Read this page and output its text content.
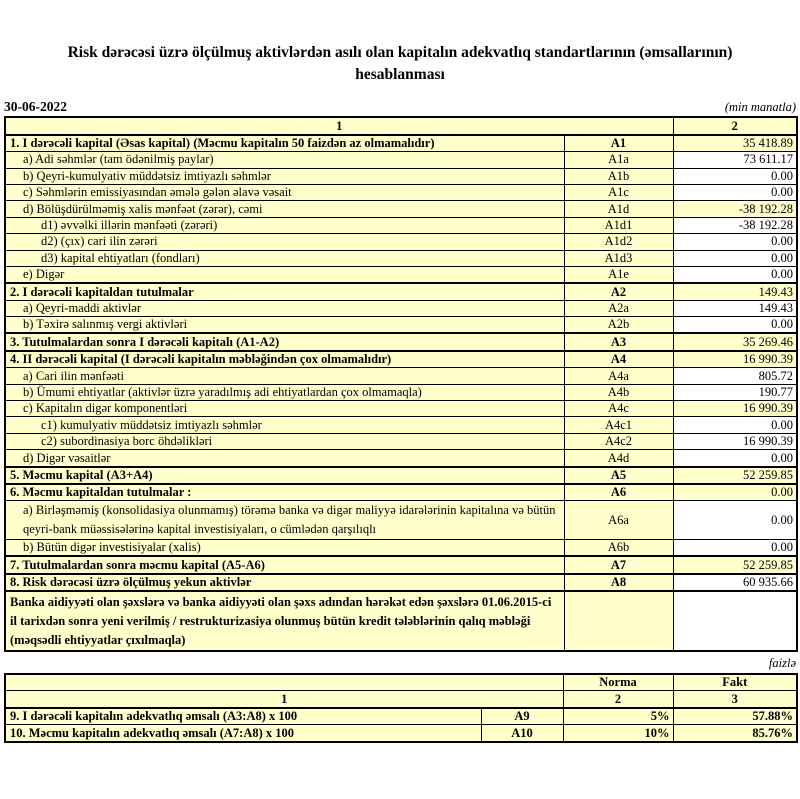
Risk dərəcəsi üzrə ölçülmuş aktivlərdən asılı olan kapitalın adekvatlıq standartlarının (əmsallarının) hesablanması
30-06-2022	(min manatla)
1		2
1. I dərəcəli kapital (Əsas kapital) (Məcmu kapitalın 50 faizdən az olmamalıdır)	A1	35 418.89
a) Adi səhmlər (tam ödənilmiş paylar)	A1a	73 611.17
b) Qeyri-kumulyativ müddətsiz imtiyazlı səhmlər	A1b	0.00
c) Səhmlərin emissiyasından əmələ gələn əlavə vəsait	A1c	0.00
d) Bölüşdürülməmiş xalis mənfəət (zərər), cəmi	A1d	-38 192.28
d1) əvvəlki illərin mənfəəti (zərəri)	A1d1	-38 192.28
d2) (çıx) cari ilin zərəri	A1d2	0.00
d3) kapital ehtiyatları (fondları)	A1d3	0.00
e) Digər	A1e	0.00
2. I dərəcəli kapitaldan tutulmalar	A2	149.43
a) Qeyri-maddi aktivlər	A2a	149.43
b) Təxirə salınmış vergi aktivləri	A2b	0.00
3. Tutulmalardan sonra I dərəcəli kapitalı (A1-A2)	A3	35 269.46
4. II dərəcəli kapital (I dərəcəli kapitalın məbləğindən çox olmamalıdır)	A4	16 990.39
a) Cari ilin mənfəəti	A4a	805.72
b) Ümumi ehtiyatlar (aktivlər üzrə yaradılmış adi ehtiyatlardan çox olmamaqla)	A4b	190.77
c) Kapitalın digər komponentləri	A4c	16 990.39
c1) kumulyativ müddətsiz imtiyazlı səhmlər	A4c1	0.00
c2) subordinasiya borc öhdəlikləri	A4c2	16 990.39
d) Digər vəsaitlər	A4d	0.00
5. Məcmu kapital (A3+A4)	A5	52 259.85
6. Məcmu kapitaldan tutulmalar :	A6	0.00
a) Birləşməmiş (konsolidasiya olunmamış) törəmə banka və digər maliyyə idarələrinin kapitalına və bütün qeyri-bank müəssisələrinə kapital investisiyaları, o cümlədən qarşılıqlı	A6a	0.00
b) Bütün digər investisiyalar (xalis)	A6b	0.00
7. Tutulmalardan sonra məcmu kapital (A5-A6)	A7	52 259.85
8. Risk dərəcəsi üzrə ölçülmuş yekun aktivlər	A8	60 935.66
Banka aidiyyəti olan şəxslərə və banka aidiyyəti olan şəxs adından hərəkət edən şəxslərə 01.06.2015-ci il tarixdən sonra yeni verilmiş / restrukturizasiya olunmuş bütün kredit tələblərinin qalıq məbləği (məqsədli ehtiyyatlar çıxılmaqla)		
faizlə
		Norma	Fakt
1		2	3
9. I dərəcəli kapitalın adekvatlıq əmsalı (A3:A8) x 100	A9	5%	57.88%
10. Məcmu kapitalın adekvatlıq əmsalı (A7:A8) x 100	A10	10%	85.76%
